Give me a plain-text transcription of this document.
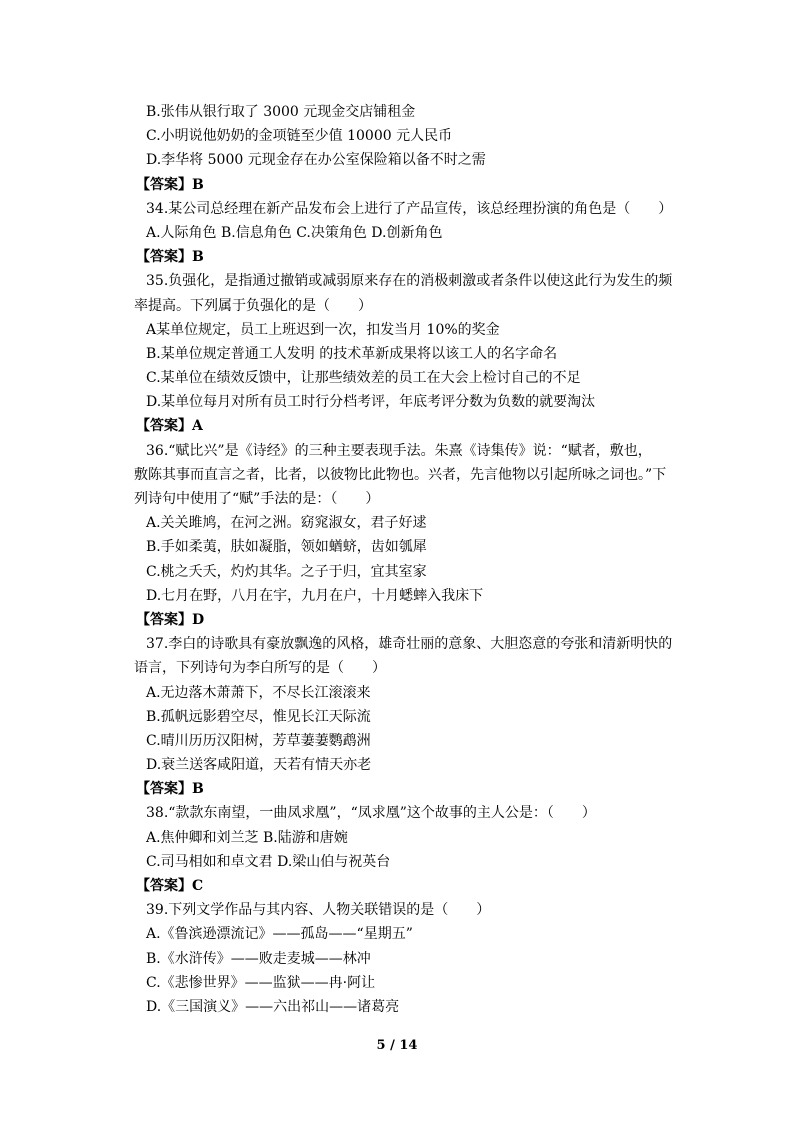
B.张伟从银行取了 3000 元现金交店铺租金
C.小明说他奶奶的金项链至少值 10000 元人民币
D.李华将 5000 元现金存在办公室保险箱以备不时之需
【答案】B
34.某公司总经理在新产品发布会上进行了产品宣传，该总经理扮演的角色是（　　）
A.人际角色 B.信息角色 C.决策角色 D.创新角色
【答案】B
35.负强化，是指通过撤销或减弱原来存在的消极刺激或者条件以使这此行为发生的频
率提高。下列属于负强化的是（　　）
A某单位规定，员工上班迟到一次，扣发当月 10%的奖金
B.某单位规定普通工人发明 的技术革新成果将以该工人的名字命名
C.某单位在绩效反馈中，让那些绩效差的员工在大会上检讨自己的不足
D.某单位每月对所有员工时行分档考评，年底考评分数为负数的就要淘汰
【答案】A
36.“赋比兴”是《诗经》的三种主要表现手法。朱熹《诗集传》说：“赋者，敷也，
敷陈其事而直言之者，比者，以彼物比此物也。兴者，先言他物以引起所咏之词也。”下
列诗句中使用了“赋”手法的是：（　　）
A.关关雎鸠，在河之洲。窈窕淑女，君子好逑
B.手如柔荑，肤如凝脂，领如蝤蛴，齿如瓠犀
C.桃之夭夭，灼灼其华。之子于归，宜其室家
D.七月在野，八月在宇，九月在户，十月蟋蟀入我床下
【答案】D
37.李白的诗歌具有豪放飘逸的风格，雄奇壮丽的意象、大胆恣意的夸张和清新明快的
语言，下列诗句为李白所写的是（　　）
A.无边落木萧萧下，不尽长江滚滚来
B.孤帆远影碧空尽，惟见长江天际流
C.晴川历历汉阳树，芳草萋萋鹦鹉洲
D.衰兰送客咸阳道，天若有情天亦老
【答案】B
38.“款款东南望，一曲凤求凰”，“凤求凰”这个故事的主人公是：（　　）
A.焦仲卿和刘兰芝 B.陆游和唐婉
C.司马相如和卓文君 D.梁山伯与祝英台
【答案】C
39.下列文学作品与其内容、人物关联错误的是（　　）
A.《鲁滨逊漂流记》——孤岛——“星期五”
B.《水浒传》——败走麦城——林冲
C.《悲惨世界》——监狱——冉·阿让
D.《三国演义》——六出祁山——诸葛亮
5 / 14
